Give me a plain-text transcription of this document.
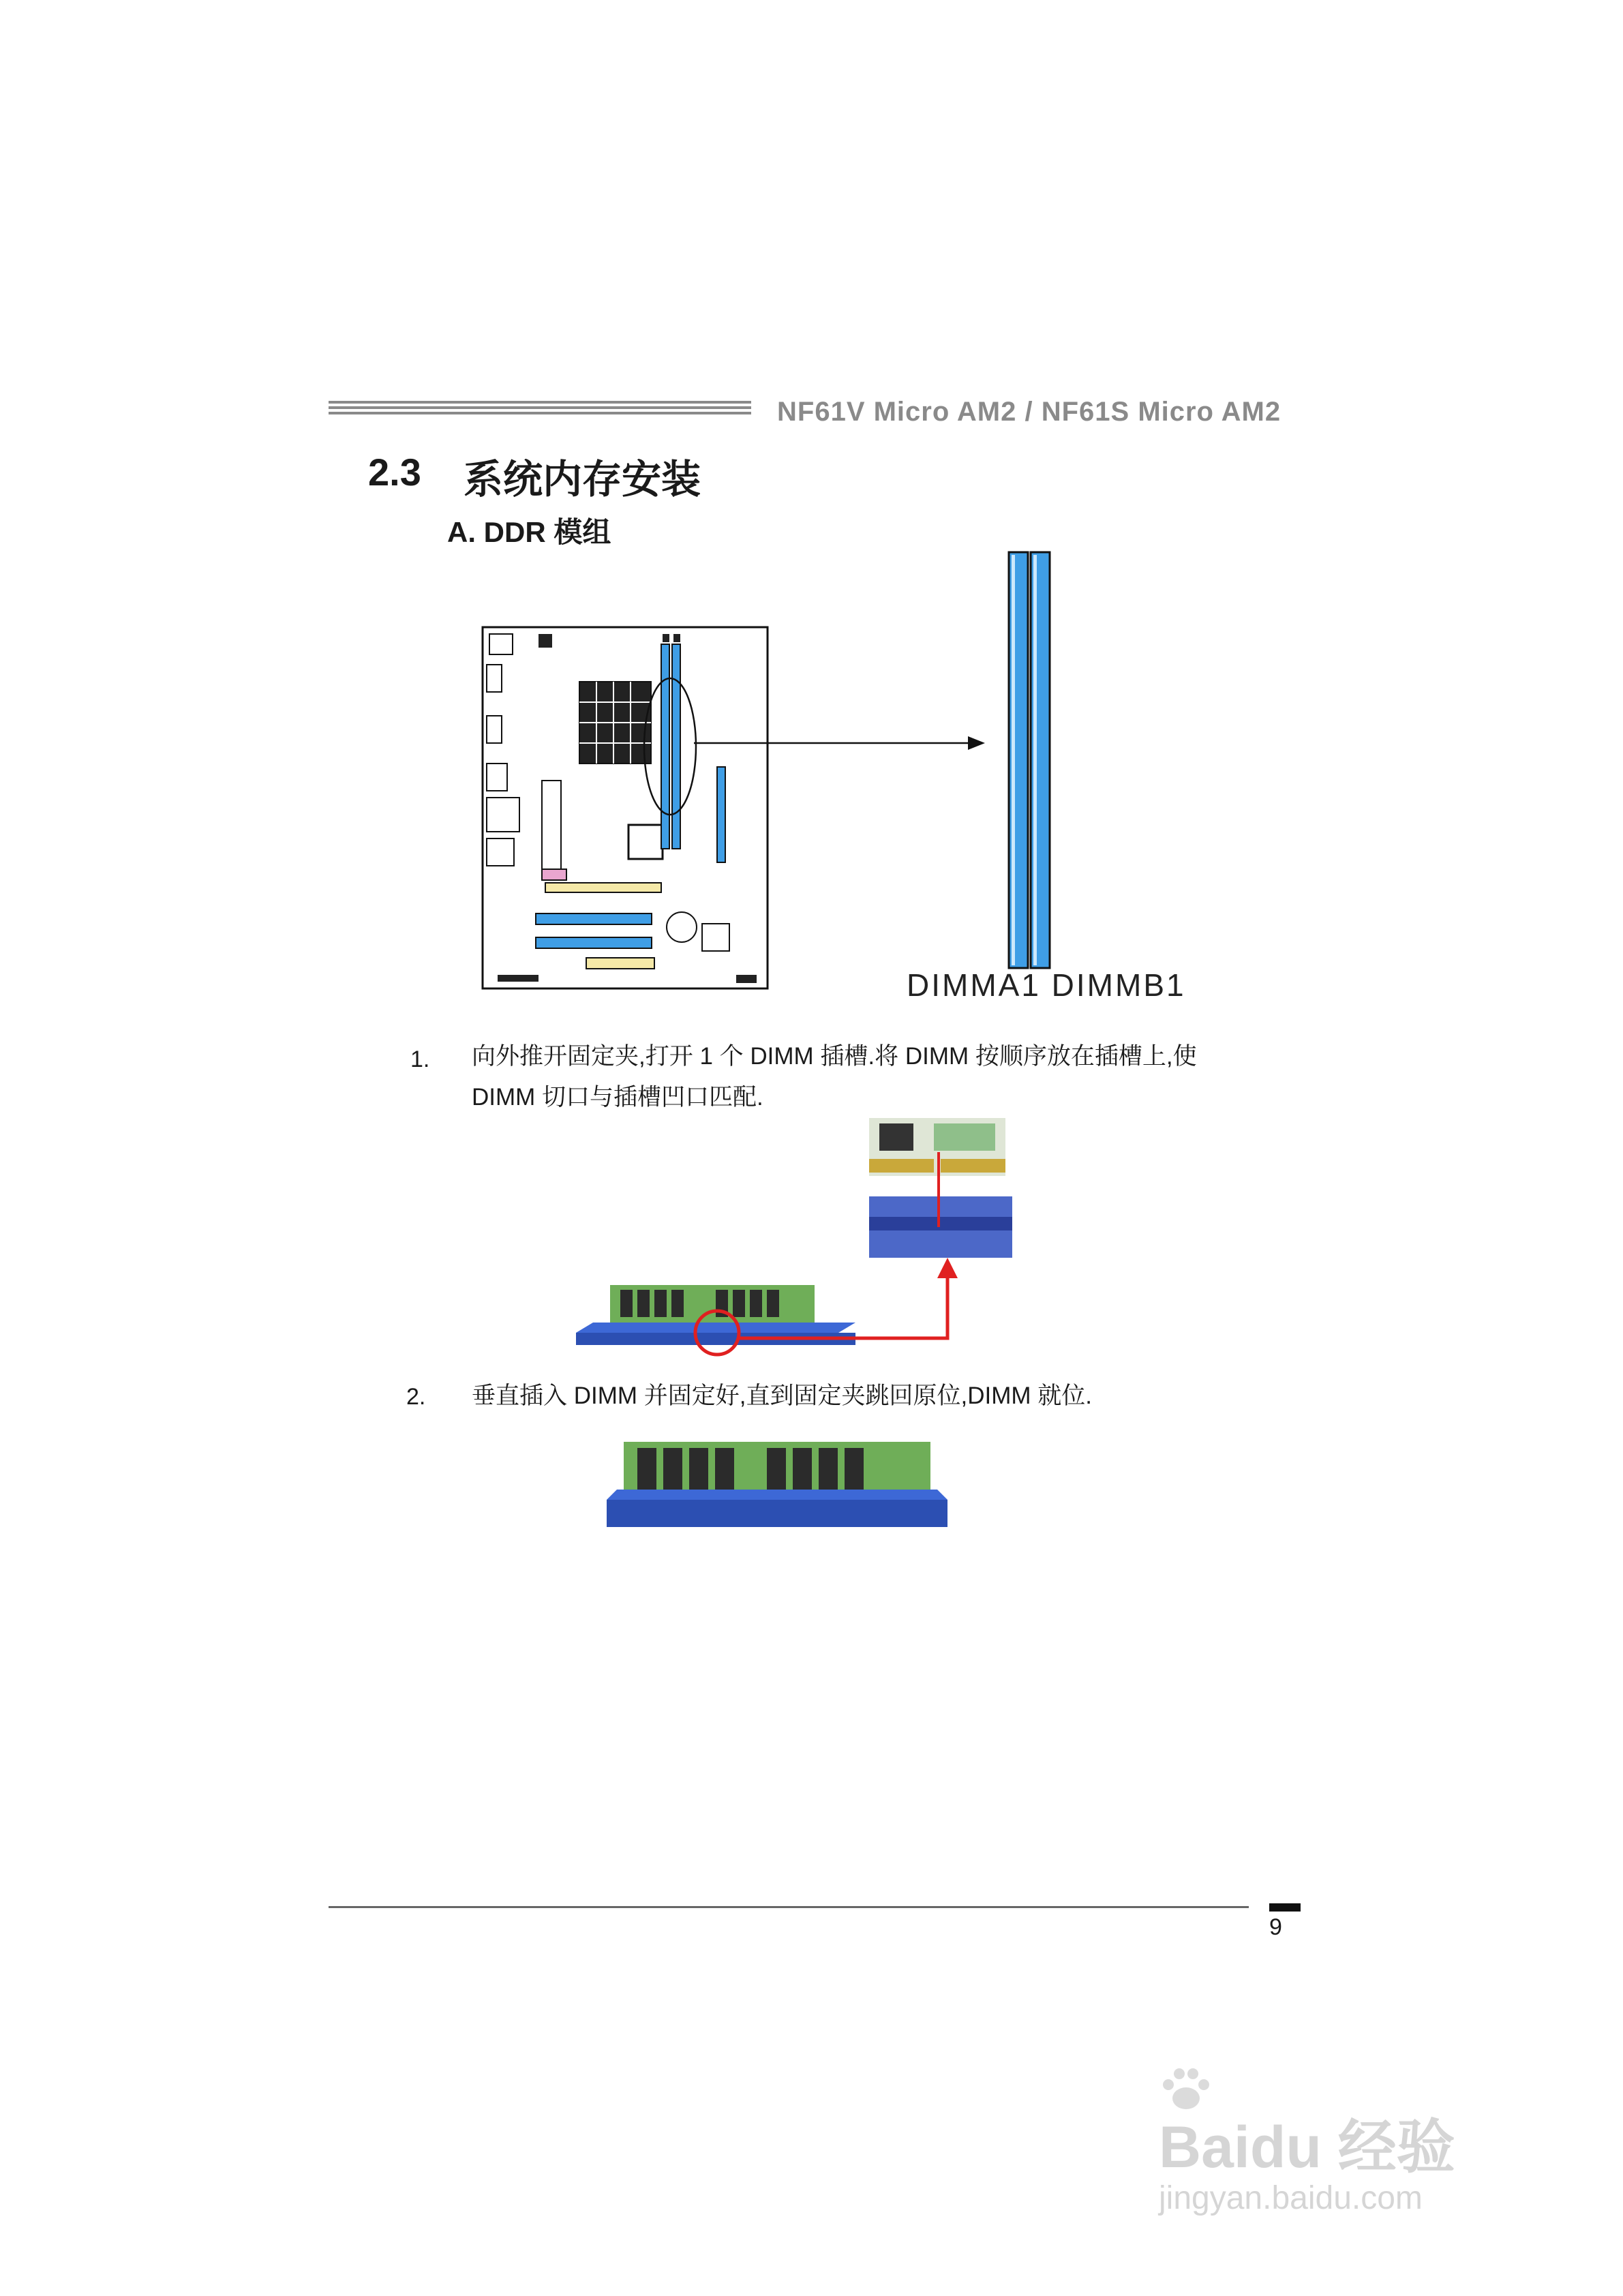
NF61V Micro AM2 / NF61S Micro AM2
2.3 系统内存安装
A. DDR 模组
DIMMA1 DIMMB1
1. 向外推开固定夹,打开 1 个 DIMM 插槽.将 DIMM 按顺序放在插槽上,使
DIMM 切口与插槽凹口匹配.
2. 垂直插入 DIMM 并固定好,直到固定夹跳回原位,DIMM 就位.
9
Baidu 经验
jingyan.baidu.com
